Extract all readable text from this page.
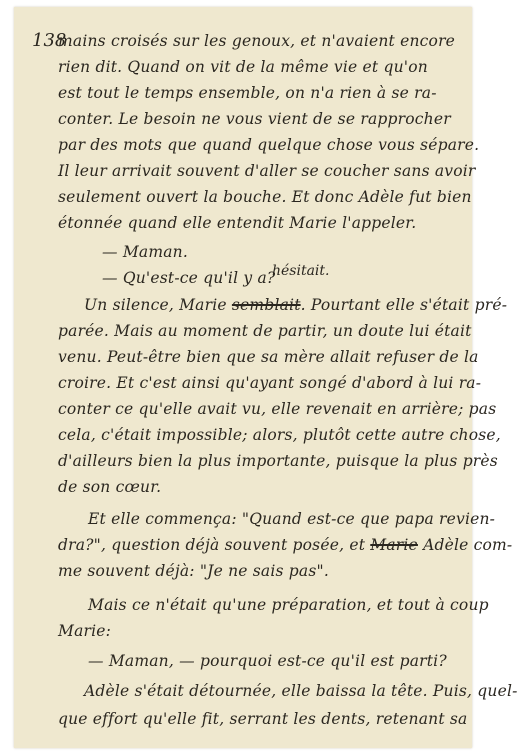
138
mains croisés sur les genoux, et n'avaient encore
rien dit. Quand on vit de la même vie et qu'on
est tout le temps ensemble, on n'a rien à se ra-
conter. Le besoin ne vous vient de se rapprocher
par des mots que quand quelque chose vous sépare.
Il leur arrivait souvent d'aller se coucher sans avoir
seulement ouvert la bouche. Et donc Adèle fut bien
étonnée quand elle entendit Marie l'appeler.
— Maman.
— Qu'est-ce qu'il y a?
hésitait.
Un silence, Marie semblait. Pourtant elle s'était pré-
parée. Mais au moment de partir, un doute lui était
venu. Peut-être bien que sa mère allait refuser de la
croire. Et c'est ainsi qu'ayant songé d'abord à lui ra-
conter ce qu'elle avait vu, elle revenait en arrière; pas
cela, c'était impossible; alors, plutôt cette autre chose,
d'ailleurs bien la plus importante, puisque la plus près
de son cœur.
Et elle commença: "Quand est-ce que papa revien-
dra?", question déjà souvent posée, et Marie Adèle com-
me souvent déjà: "Je ne sais pas".
Mais ce n'était qu'une préparation, et tout à coup
Marie:
— Maman, — pourquoi est-ce qu'il est parti?
Adèle s'était détournée, elle baissa la tête. Puis, quel-
que effort qu'elle fit, serrant les dents, retenant sa
